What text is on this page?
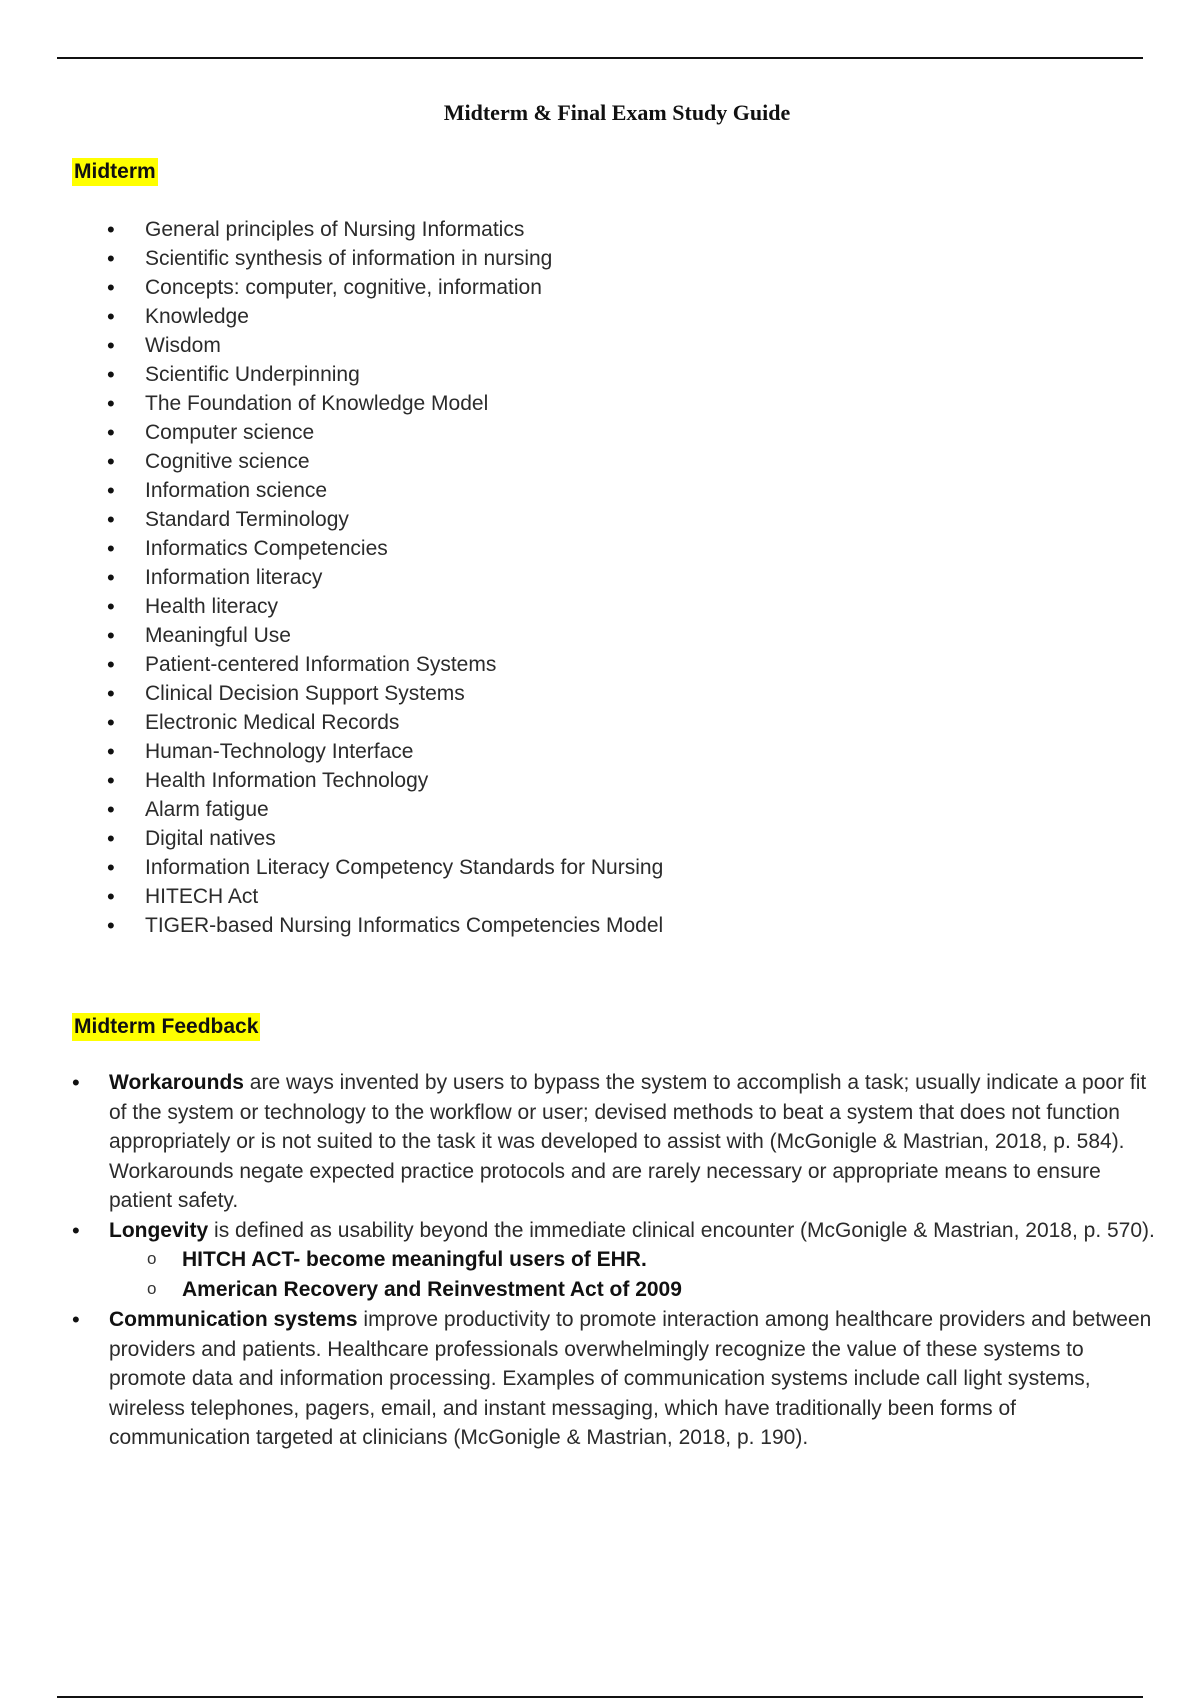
Midterm & Final Exam Study Guide
Midterm
• General principles of Nursing Informatics
• Scientific synthesis of information in nursing
• Concepts: computer, cognitive, information
• Knowledge
• Wisdom
• Scientific Underpinning
• The Foundation of Knowledge Model
• Computer science
• Cognitive science
• Information science
• Standard Terminology
• Informatics Competencies
• Information literacy
• Health literacy
• Meaningful Use
• Patient-centered Information Systems
• Clinical Decision Support Systems
• Electronic Medical Records
• Human-Technology Interface
• Health Information Technology
• Alarm fatigue
• Digital natives
• Information Literacy Competency Standards for Nursing
• HITECH Act
• TIGER-based Nursing Informatics Competencies Model
Midterm Feedback
• Workarounds are ways invented by users to bypass the system to accomplish a task; usually indicate a poor fit of the system or technology to the workflow or user; devised methods to beat a system that does not function appropriately or is not suited to the task it was developed to assist with (McGonigle & Mastrian, 2018, p. 584). Workarounds negate expected practice protocols and are rarely necessary or appropriate means to ensure patient safety.
• Longevity is defined as usability beyond the immediate clinical encounter (McGonigle & Mastrian, 2018, p. 570).
o HITCH ACT- become meaningful users of EHR.
o American Recovery and Reinvestment Act of 2009
• Communication systems improve productivity to promote interaction among healthcare providers and between providers and patients. Healthcare professionals overwhelmingly recognize the value of these systems to promote data and information processing. Examples of communication systems include call light systems, wireless telephones, pagers, email, and instant messaging, which have traditionally been forms of communication targeted at clinicians (McGonigle & Mastrian, 2018, p. 190).
